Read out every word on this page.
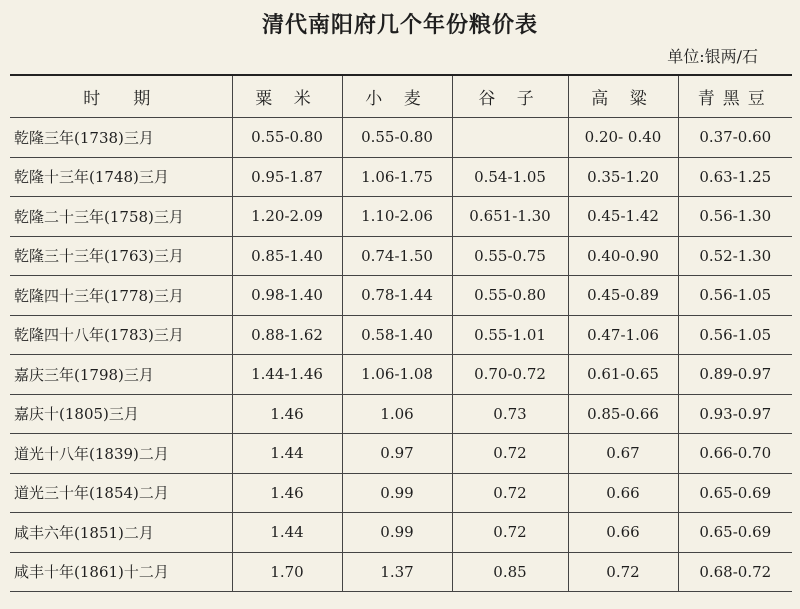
清代南阳府几个年份粮价表
单位:银两/石
时　期	粟 米	小 麦	谷 子	高 粱	青黑豆
乾隆三年(1738)三月	0.55-0.80	0.55-0.80		0.20- 0.40	0.37-0.60
乾隆十三年(1748)三月	0.95-1.87	1.06-1.75	0.54-1.05	0.35-1.20	0.63-1.25
乾隆二十三年(1758)三月	1.20-2.09	1.10-2.06	0.651-1.30	0.45-1.42	0.56-1.30
乾隆三十三年(1763)三月	0.85-1.40	0.74-1.50	0.55-0.75	0.40-0.90	0.52-1.30
乾隆四十三年(1778)三月	0.98-1.40	0.78-1.44	0.55-0.80	0.45-0.89	0.56-1.05
乾隆四十八年(1783)三月	0.88-1.62	0.58-1.40	0.55-1.01	0.47-1.06	0.56-1.05
嘉庆三年(1798)三月	1.44-1.46	1.06-1.08	0.70-0.72	0.61-0.65	0.89-0.97
嘉庆十(1805)三月	1.46	1.06	0.73	0.85-0.66	0.93-0.97
道光十八年(1839)二月	1.44	0.97	0.72	0.67	0.66-0.70
道光三十年(1854)二月	1.46	0.99	0.72	0.66	0.65-0.69
咸丰六年(1851)二月	1.44	0.99	0.72	0.66	0.65-0.69
咸丰十年(1861)十二月	1.70	1.37	0.85	0.72	0.68-0.72
